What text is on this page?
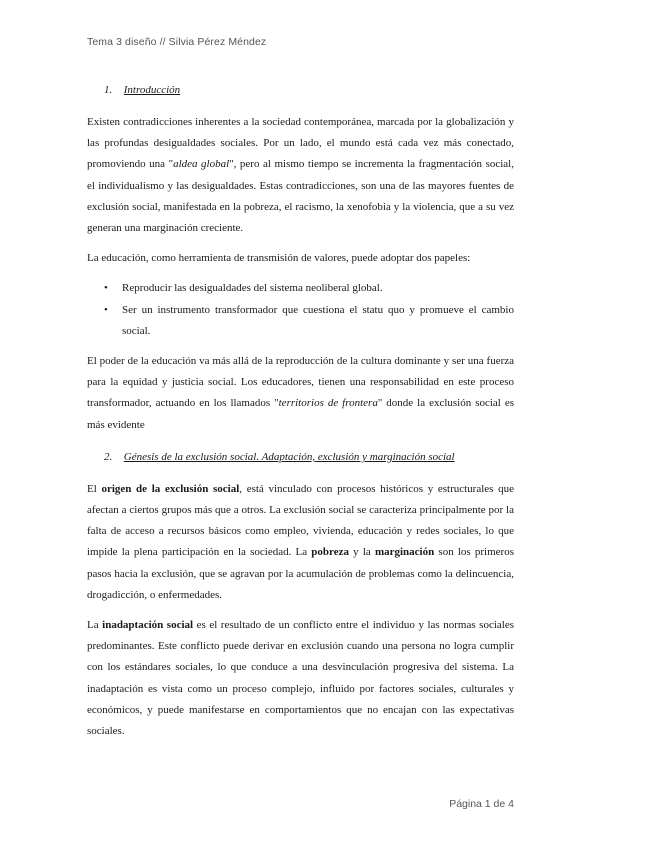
Tema 3 diseño // Silvia Pérez Méndez
1. Introducción

Existen contradicciones inherentes a la sociedad contemporánea, marcada por la globalización y las profundas desigualdades sociales. Por un lado, el mundo está cada vez más conectado, promoviendo una "aldea global", pero al mismo tiempo se incrementa la fragmentación social, el individualismo y las desigualdades. Estas contradicciones, son una de las mayores fuentes de exclusión social, manifestada en la pobreza, el racismo, la xenofobia y la violencia, que a su vez generan una marginación creciente.

La educación, como herramienta de transmisión de valores, puede adoptar dos papeles:

• Reproducir las desigualdades del sistema neoliberal global.
• Ser un instrumento transformador que cuestiona el statu quo y promueve el cambio social.

El poder de la educación va más allá de la reproducción de la cultura dominante y ser una fuerza para la equidad y justicia social. Los educadores, tienen una responsabilidad en este proceso transformador, actuando en los llamados "territorios de frontera" donde la exclusión social es más evidente

2. Génesis de la exclusión social. Adaptación, exclusión y marginación social

El origen de la exclusión social, está vinculado con procesos históricos y estructurales que afectan a ciertos grupos más que a otros. La exclusión social se caracteriza principalmente por la falta de acceso a recursos básicos como empleo, vivienda, educación y redes sociales, lo que impide la plena participación en la sociedad. La pobreza y la marginación son los primeros pasos hacia la exclusión, que se agravan por la acumulación de problemas como la delincuencia, drogadicción, o enfermedades.

La inadaptación social es el resultado de un conflicto entre el individuo y las normas sociales predominantes. Este conflicto puede derivar en exclusión cuando una persona no logra cumplir con los estándares sociales, lo que conduce a una desvinculación progresiva del sistema. La inadaptación es vista como un proceso complejo, influido por factores sociales, culturales y económicos, y puede manifestarse en comportamientos que no encajan con las expectativas sociales.

Página 1 de 4
